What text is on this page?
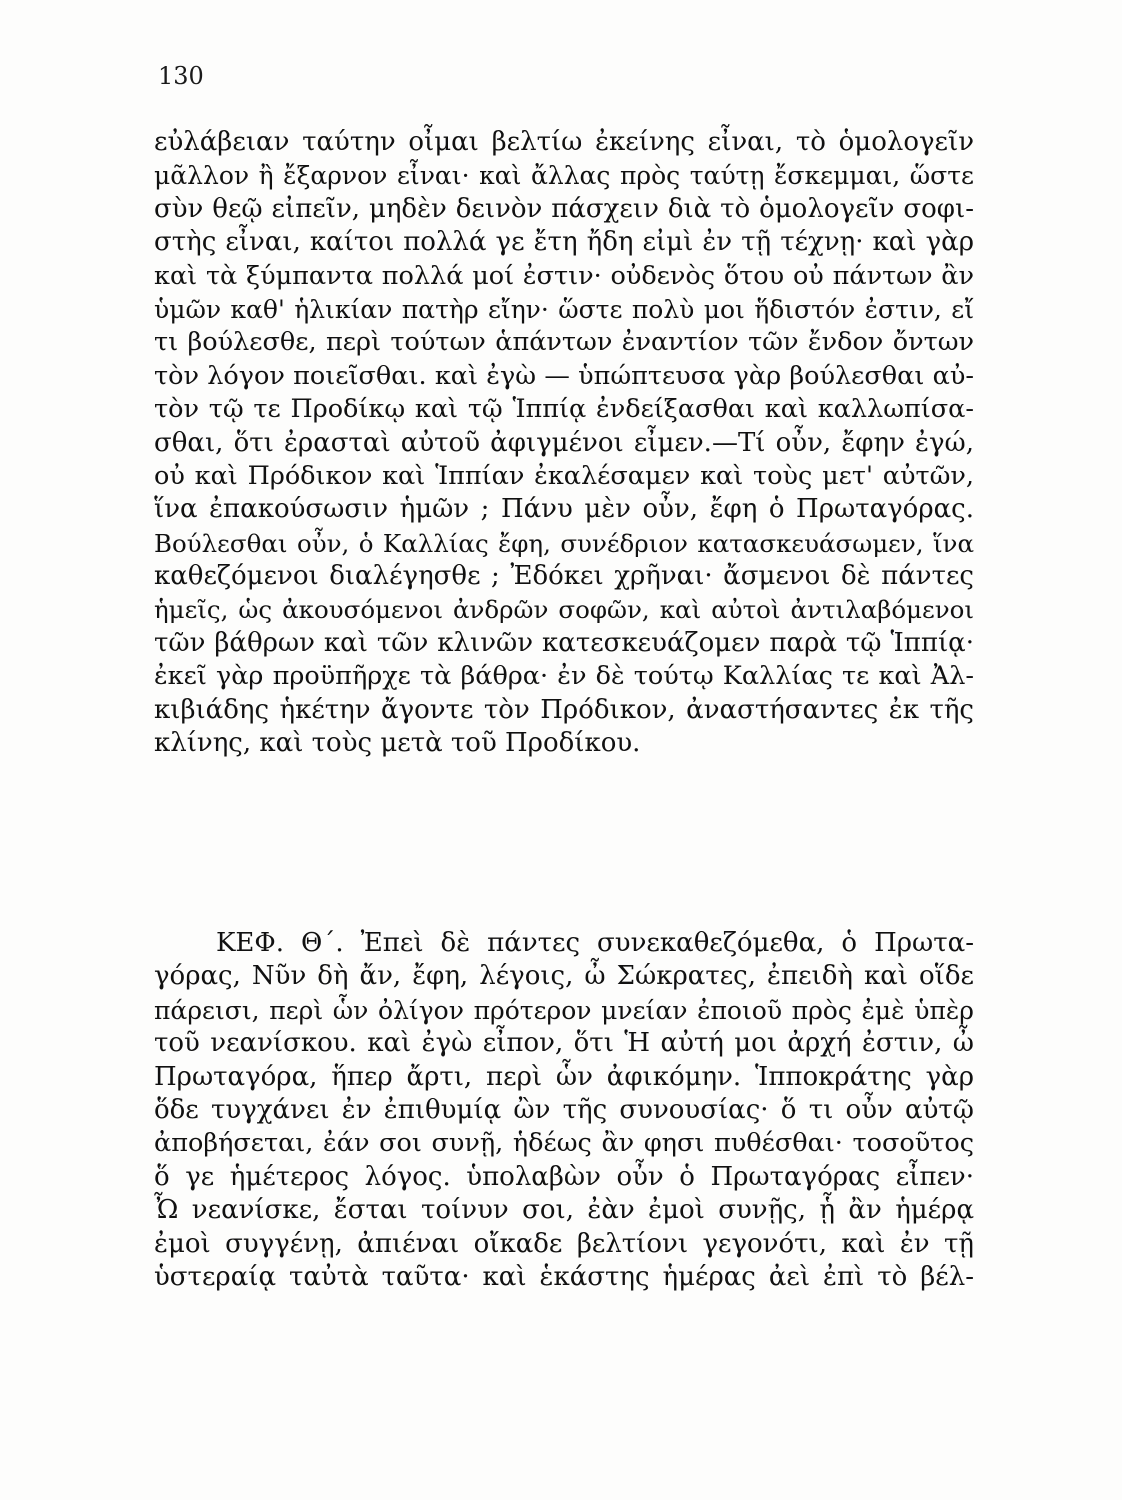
130
εὐλάβειαν ταύτην οἶμαι βελτίω ἐκείνης εἶναι, τὸ ὁμολογεῖν
μᾶλλον ἢ ἔξαρνον εἶναι· καὶ ἄλλας πρὸς ταύτῃ ἔσκεμμαι, ὥστε
σὺν θεῷ εἰπεῖν, μηδὲν δεινὸν πάσχειν διὰ τὸ ὁμολογεῖν σοφι-
στὴς εἶναι, καίτοι πολλά γε ἔτη ἤδη εἰμὶ ἐν τῇ τέχνῃ· καὶ γὰρ
καὶ τὰ ξύμπαντα πολλά μοί ἐστιν· οὐδενὸς ὅτου οὐ πάντων ἂν
ὑμῶν καθ' ἡλικίαν πατὴρ εἴην· ὥστε πολὺ μοι ἥδιστόν ἐστιν, εἴ
τι βούλεσθε, περὶ τούτων ἁπάντων ἐναντίον τῶν ἔνδον ὄντων
τὸν λόγον ποιεῖσθαι. καὶ ἐγὼ — ὑπώπτευσα γὰρ βούλεσθαι αὐ-
τὸν τῷ τε Προδίκῳ καὶ τῷ Ἱππίᾳ ἐνδείξασθαι καὶ καλλωπίσα-
σθαι, ὅτι ἐρασταὶ αὐτοῦ ἀφιγμένοι εἶμεν.—Τί οὖν, ἔφην ἐγώ,
οὐ καὶ Πρόδικον καὶ Ἱππίαν ἐκαλέσαμεν καὶ τοὺς μετ' αὐτῶν,
ἵνα ἐπακούσωσιν ἡμῶν ; Πάνυ μὲν οὖν, ἔφη ὁ Πρωταγόρας.
Βούλεσθαι οὖν, ὁ Καλλίας ἔφη, συνέδριον κατασκευάσωμεν, ἵνα
καθεζόμενοι διαλέγησθε ; Ἐδόκει χρῆναι· ἄσμενοι δὲ πάντες
ἡμεῖς, ὡς ἀκουσόμενοι ἀνδρῶν σοφῶν, καὶ αὐτοὶ ἀντιλαβόμενοι
τῶν βάθρων καὶ τῶν κλινῶν κατεσκευάζομεν παρὰ τῷ Ἱππίᾳ·
ἐκεῖ γὰρ προϋπῆρχε τὰ βάθρα· ἐν δὲ τούτῳ Καλλίας τε καὶ Ἀλ-
κιβιάδης ἡκέτην ἄγοντε τὸν Πρόδικον, ἀναστήσαντες ἐκ τῆς
κλίνης, καὶ τοὺς μετὰ τοῦ Προδίκου.
ΚΕΦ. Θ΄. Ἐπεὶ δὲ πάντες συνεκαθεζόμεθα, ὁ Πρωτα-
γόρας, Νῦν δὴ ἄν, ἔφη, λέγοις, ὦ Σώκρατες, ἐπειδὴ καὶ οἵδε
πάρεισι, περὶ ὧν ὀλίγον πρότερον μνείαν ἐποιοῦ πρὸς ἐμὲ ὑπὲρ
τοῦ νεανίσκου. καὶ ἐγὼ εἶπον, ὅτι Ἡ αὐτή μοι ἀρχή ἐστιν, ὦ
Πρωταγόρα, ἥπερ ἄρτι, περὶ ὧν ἀφικόμην. Ἱπποκράτης γὰρ
ὅδε τυγχάνει ἐν ἐπιθυμίᾳ ὢν τῆς συνουσίας· ὅ τι οὖν αὐτῷ
ἀποβήσεται, ἐάν σοι συνῇ, ἡδέως ἂν φησι πυθέσθαι· τοσοῦτος
ὅ γε ἡμέτερος λόγος. ὑπολαβὼν οὖν ὁ Πρωταγόρας εἶπεν·
Ὦ νεανίσκε, ἔσται τοίνυν σοι, ἐὰν ἐμοὶ συνῇς, ᾗ ἂν ἡμέρᾳ
ἐμοὶ συγγένῃ, ἀπιέναι οἴκαδε βελτίονι γεγονότι, καὶ ἐν τῇ
ὑστεραίᾳ ταὐτὰ ταῦτα· καὶ ἑκάστης ἡμέρας ἀεὶ ἐπὶ τὸ βέλ-
